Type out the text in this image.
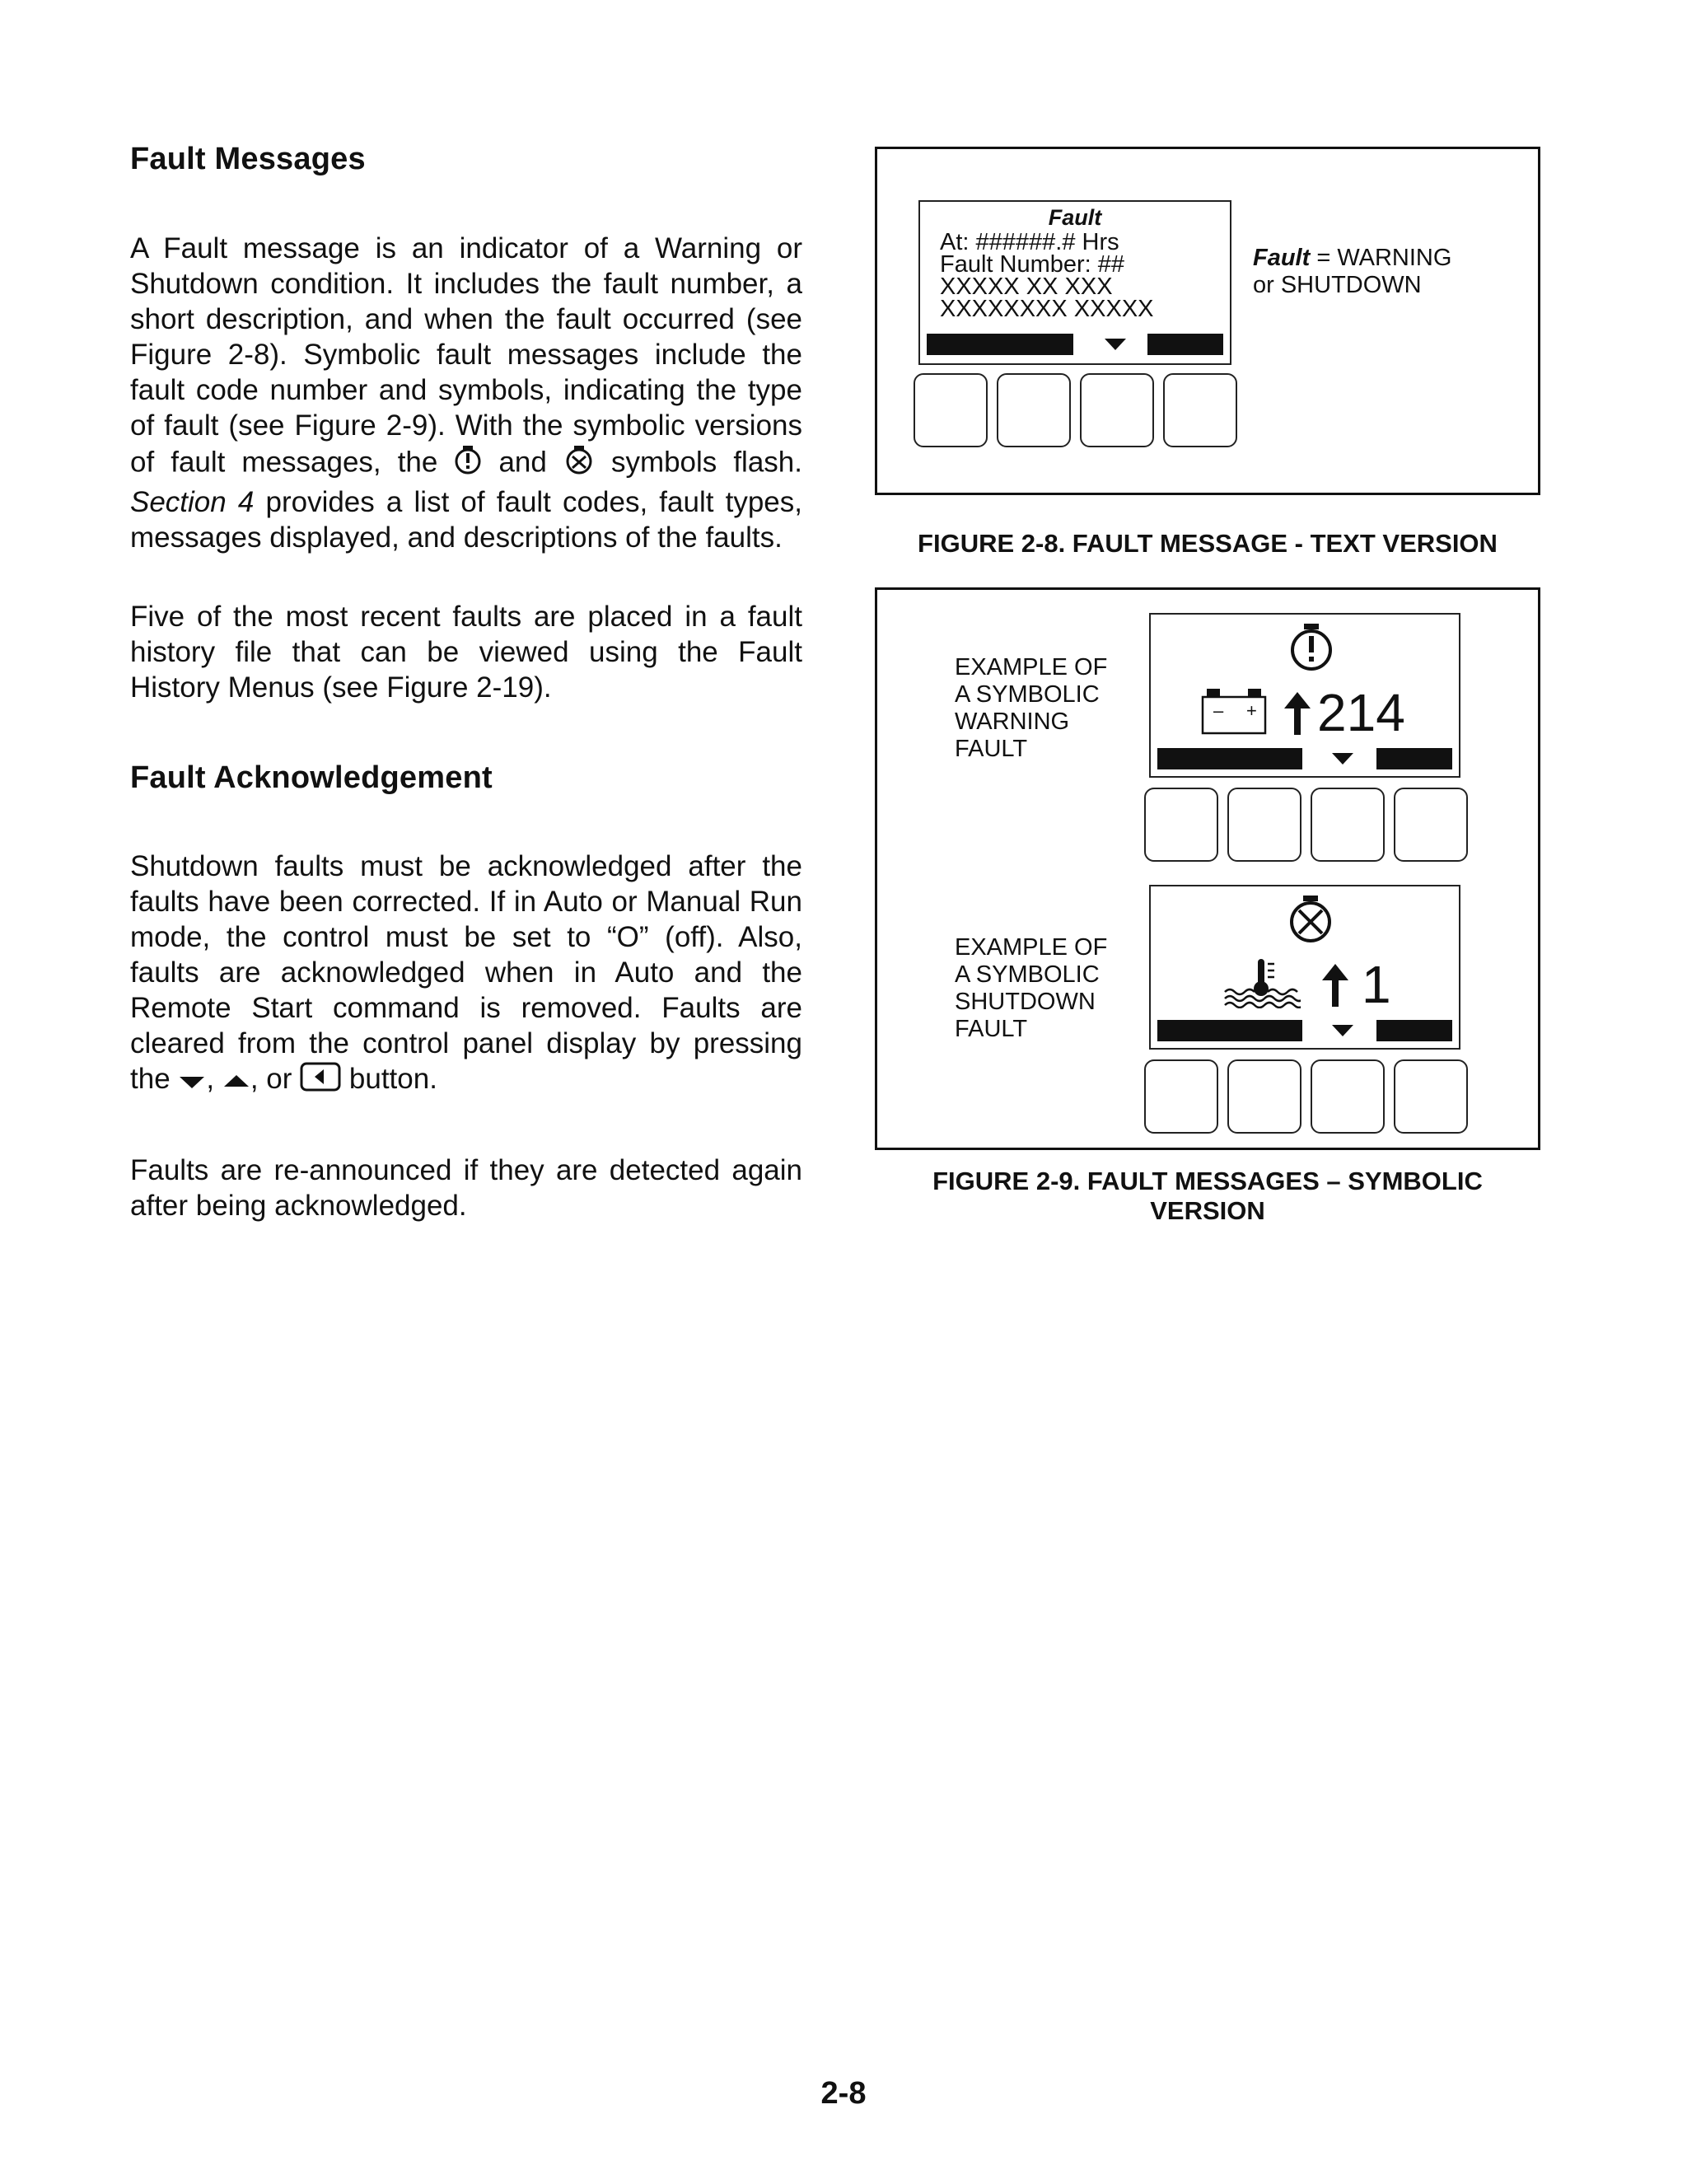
Fault Messages

A Fault message is an indicator of a Warning or Shutdown condition. It includes the fault number, a short description, and when the fault occurred (see Figure 2-8). Symbolic fault messages include the fault code number and symbols, indicating the type of fault (see Figure 2-9). With the symbolic versions of fault messages, the and symbols flash. Section 4 provides a list of fault codes, fault types, messages displayed, and descriptions of the faults.

Five of the most recent faults are placed in a fault history file that can be viewed using the Fault History Menus (see Figure 2-19).

Fault Acknowledgement

Shutdown faults must be acknowledged after the faults have been corrected. If in Auto or Manual Run mode, the control must be set to “O” (off). Also, faults are acknowledged when in Auto and the Remote Start command is removed. Faults are cleared from the control panel display by pressing the , , or button.

Faults are re-announced if they are detected again after being acknowledged.

Fault
At: ######.# Hrs
Fault Number: ##
XXXXX XX XXX
XXXXXXXX XXXXX
Fault = WARNING
or SHUTDOWN
FIGURE 2-8. FAULT MESSAGE - TEXT VERSION
EXAMPLE OF
A SYMBOLIC
WARNING
FAULT
– + 214
EXAMPLE OF
A SYMBOLIC
SHUTDOWN
FAULT
1
FIGURE 2-9. FAULT MESSAGES – SYMBOLIC
VERSION
2-8
